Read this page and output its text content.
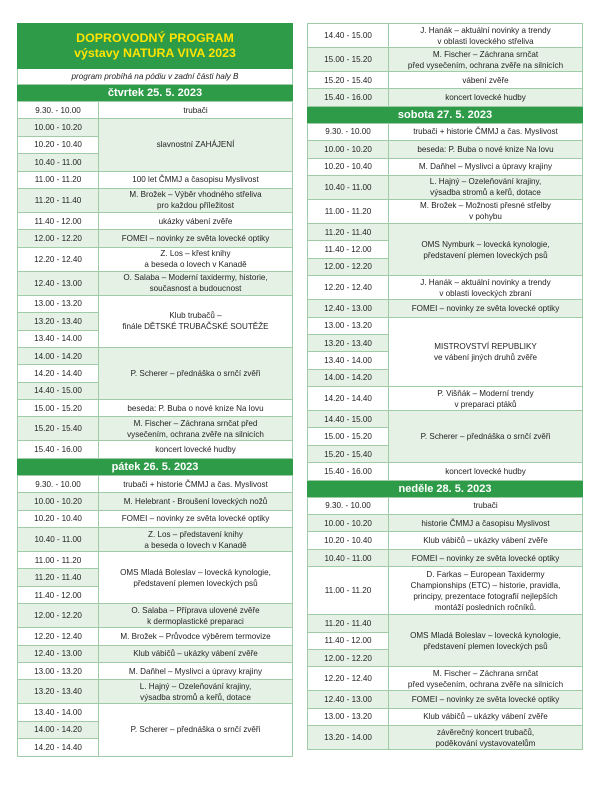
DOPROVODNÝ PROGRAM
výstavy NATURA VIVA 2023
program probíhá na pódiu v zadní části haly B
čtvrtek 25. 5. 2023
9.30. - 10.00	trubači

10.00 - 10.20	slavnostní ZAHÁJENÍ

10.20 - 10.40	
10.40 - 11.00	
11.00 - 11.20	100 let ČMMJ a časopisu Myslivost

11.20 - 11.40	M. Brožek – Výběr vhodného střeliva
pro každou příležitost

11.40 - 12.00	ukázky vábení zvěře

12.00 - 12.20	FOMEI – novinky ze světa lovecké optiky

12.20 - 12.40	Z. Los – křest knihy
a beseda o lovech v Kanadě

12.40 - 13.00	O. Salaba – Moderní taxidermy, historie,
současnost a budoucnost

13.00 - 13.20	Klub trubačů –
finále DĚTSKÉ TRUBAČSKÉ SOUTĚŽE

13.20 - 13.40	
13.40 - 14.00	
14.00 - 14.20	P. Scherer – přednáška o srnčí zvěři

14.20 - 14.40	
14.40 - 15.00	
15.00 - 15.20	beseda: P. Buba o nové knize Na lovu

15.20 - 15.40	M. Fischer – Záchrana srnčat před
vysečením, ochrana zvěře na silnicích

15.40 - 16.00	koncert lovecké hudby
pátek 26. 5. 2023
9.30. - 10.00	trubači + historie ČMMJ a čas. Myslivost

10.00 - 10.20	M. Helebrant - Broušení loveckých nožů

10.20 - 10.40	FOMEI – novinky ze světa lovecké optiky

10.40 - 11.00	Z. Los – představení knihy
a beseda o lovech v Kanadě

11.00 - 11.20	OMS Mladá Boleslav – lovecká kynologie,
představení plemen loveckých psů

11.20 - 11.40	
11.40 - 12.00	
12.00 - 12.20	O. Salaba – Příprava ulovené zvěře
k dermoplastické preparaci

12.20 - 12.40	M. Brožek – Průvodce výběrem termovize

12.40 - 13.00	Klub vábičů – ukázky vábení zvěře

13.00 - 13.20	M. Daňhel – Myslivci a úpravy krajiny

13.20 - 13.40	L. Hajný – Ozeleňování krajiny,
výsadba stromů a keřů, dotace

13.40 - 14.00	P. Scherer – přednáška o srnčí zvěři

14.00 - 14.20	
14.20 - 14.40	
14.40 - 15.00	J. Hanák – aktuální novinky a trendy
v oblasti loveckého střeliva

15.00 - 15.20	M. Fischer – Záchrana srnčat
před vysečením, ochrana zvěře na silnicích

15.20 - 15.40	vábení zvěře

15.40 - 16.00	koncert lovecké hudby
sobota 27. 5. 2023
9.30. - 10.00	trubači + historie ČMMJ a čas. Myslivost

10.00 - 10.20	beseda: P. Buba o nové knize Na lovu

10.20 - 10.40	M. Daňhel – Myslivci a úpravy krajiny

10.40 - 11.00	L. Hajný – Ozeleňování krajiny,
výsadba stromů a keřů, dotace

11.00 - 11.20	M. Brožek – Možnosti přesné střelby
v pohybu

11.20 - 11.40	OMS Nymburk – lovecká kynologie,
představení plemen loveckých psů

11.40 - 12.00	
12.00 - 12.20	
12.20 - 12.40	J. Hanák – aktuální novinky a trendy
v oblasti loveckých zbraní

12.40 - 13.00	FOMEI – novinky ze světa lovecké optiky

13.00 - 13.20	MISTROVSTVÍ REPUBLIKY
ve vábení jiných druhů zvěře

13.20 - 13.40	
13.40 - 14.00	
14.00 - 14.20	
14.20 - 14.40	P. Višňák – Moderní trendy
v preparaci ptáků

14.40 - 15.00	P. Scherer – přednáška o srnčí zvěři

15.00 - 15.20	
15.20 - 15.40	
15.40 - 16.00	koncert lovecké hudby
neděle 28. 5. 2023
9.30. - 10.00	trubači

10.00 - 10.20	historie ČMMJ a časopisu Myslivost

10.20 - 10.40	Klub vábičů – ukázky vábení zvěře

10.40 - 11.00	FOMEI – novinky ze světa lovecké optiky

11.00 - 11.20	D. Farkas – European Taxidermy
Championships (ETC) – historie, pravidla,
principy, prezentace fotografií nejlepších
montáží posledních ročníků.

11.20 - 11.40	OMS Mladá Boleslav – lovecká kynologie,
představení plemen loveckých psů

11.40 - 12.00	
12.00 - 12.20	
12.20 - 12.40	M. Fischer – Záchrana srnčat
před vysečením, ochrana zvěře na silnicích

12.40 - 13.00	FOMEI – novinky ze světa lovecké optiky

13.00 - 13.20	Klub vábičů – ukázky vábení zvěře

13.20 - 14.00	závěrečný koncert trubačů,
poděkování vystavovatelům
